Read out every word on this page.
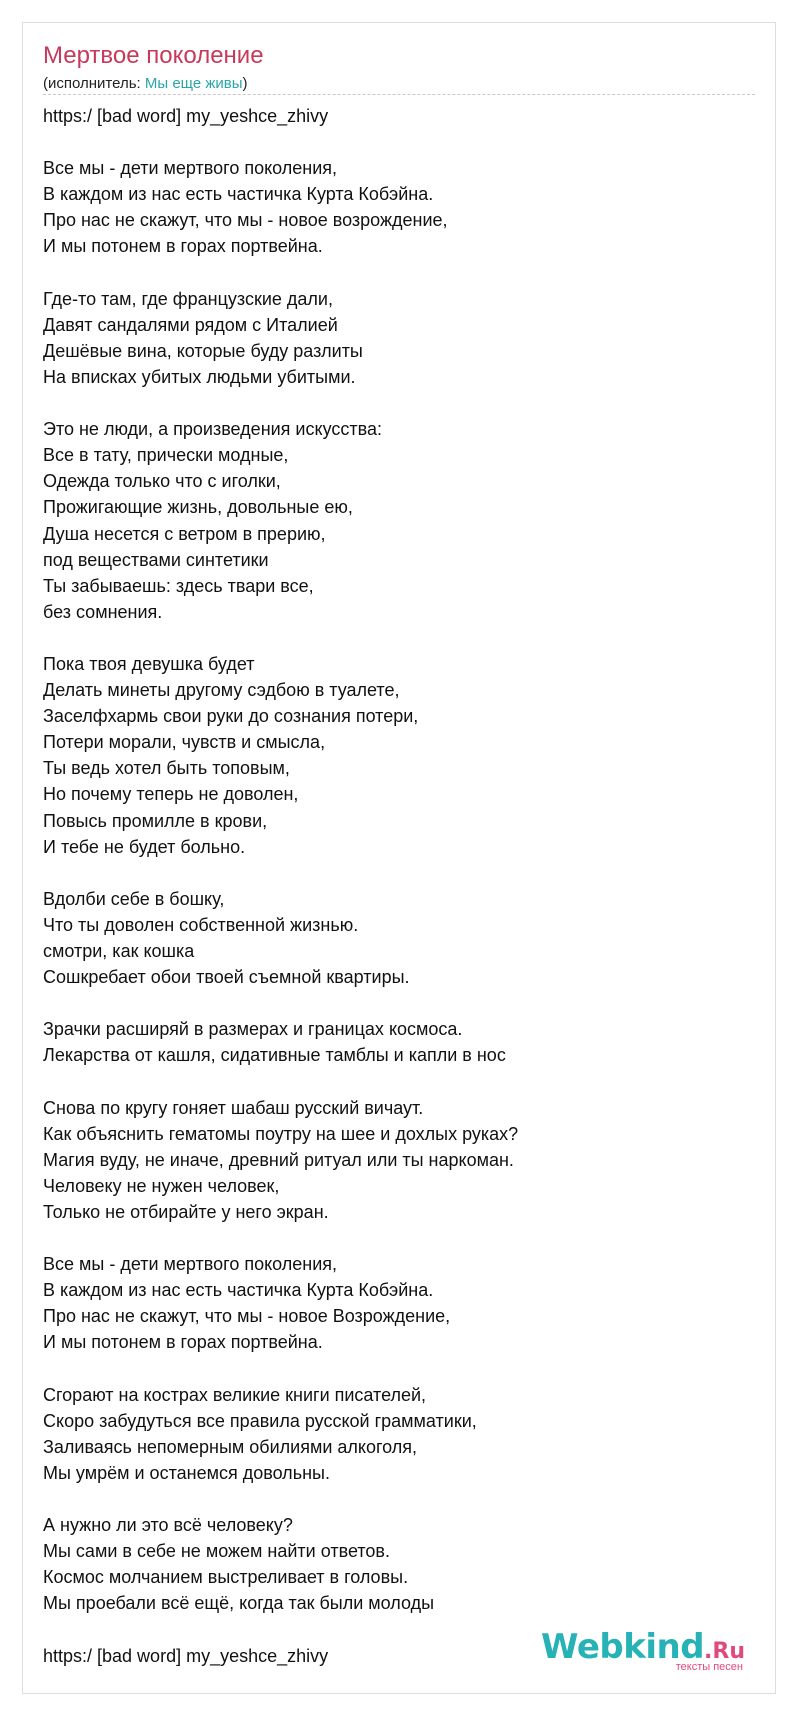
Мертвое поколение
(исполнитель: Мы еще живы)
https:/ [bad word] my_yeshce_zhivy
Все мы - дети мертвого поколения,
В каждом из нас есть частичка Курта Кобэйна.
Про нас не скажут, что мы - новое возрождение,
И мы потонем в горах портвейна.
Где-то там, где французские дали,
Давят сандалями рядом с Италией
Дешёвые вина, которые буду разлиты
На вписках убитых людьми убитыми.
Это не люди, а произведения искусства:
Все в тату, прически модные,
Одежда только что с иголки,
Прожигающие жизнь, довольные ею,
Душа несется с ветром в прерию,
под веществами синтетики
Ты забываешь: здесь твари все,
без сомнения.
Пока твоя девушка будет
Делать минеты другому сэдбою в туалете,
Заселфхармь свои руки до сознания потери,
Потери морали, чувств и смысла,
Ты ведь хотел быть топовым,
Но почему теперь не доволен,
Повысь промилле в крови,
И тебе не будет больно.
Вдолби себе в бошку,
Что ты доволен собственной жизнью.
смотри, как кошка
Сошкребает обои твоей съемной квартиры.
Зрачки расширяй в размерах и границах космоса.
Лекарства от кашля, сидативные тамблы и капли в нос
Снова по кругу гоняет шабаш русский вичаут.
Как объяснить гематомы поутру на шее и дохлых руках?
Магия вуду, не иначе, древний ритуал или ты наркоман.
Человеку не нужен человек,
Только не отбирайте у него экран.
Все мы - дети мертвого поколения,
В каждом из нас есть частичка Курта Кобэйна.
Про нас не скажут, что мы - новое Возрождение,
И мы потонем в горах портвейна.
Сгорают на кострах великие книги писателей,
Скоро забудуться все правила русской грамматики,
Заливаясь непомерным обилиями алкоголя,
Мы умрём и останемся довольны.
А нужно ли это всё человеку?
Мы сами в себе не можем найти ответов.
Космос молчанием выстреливает в головы.
Мы проебали всё ещё, когда так были молоды
https:/ [bad word] my_yeshce_zhivy	Webkind.Ru
тексты песен
